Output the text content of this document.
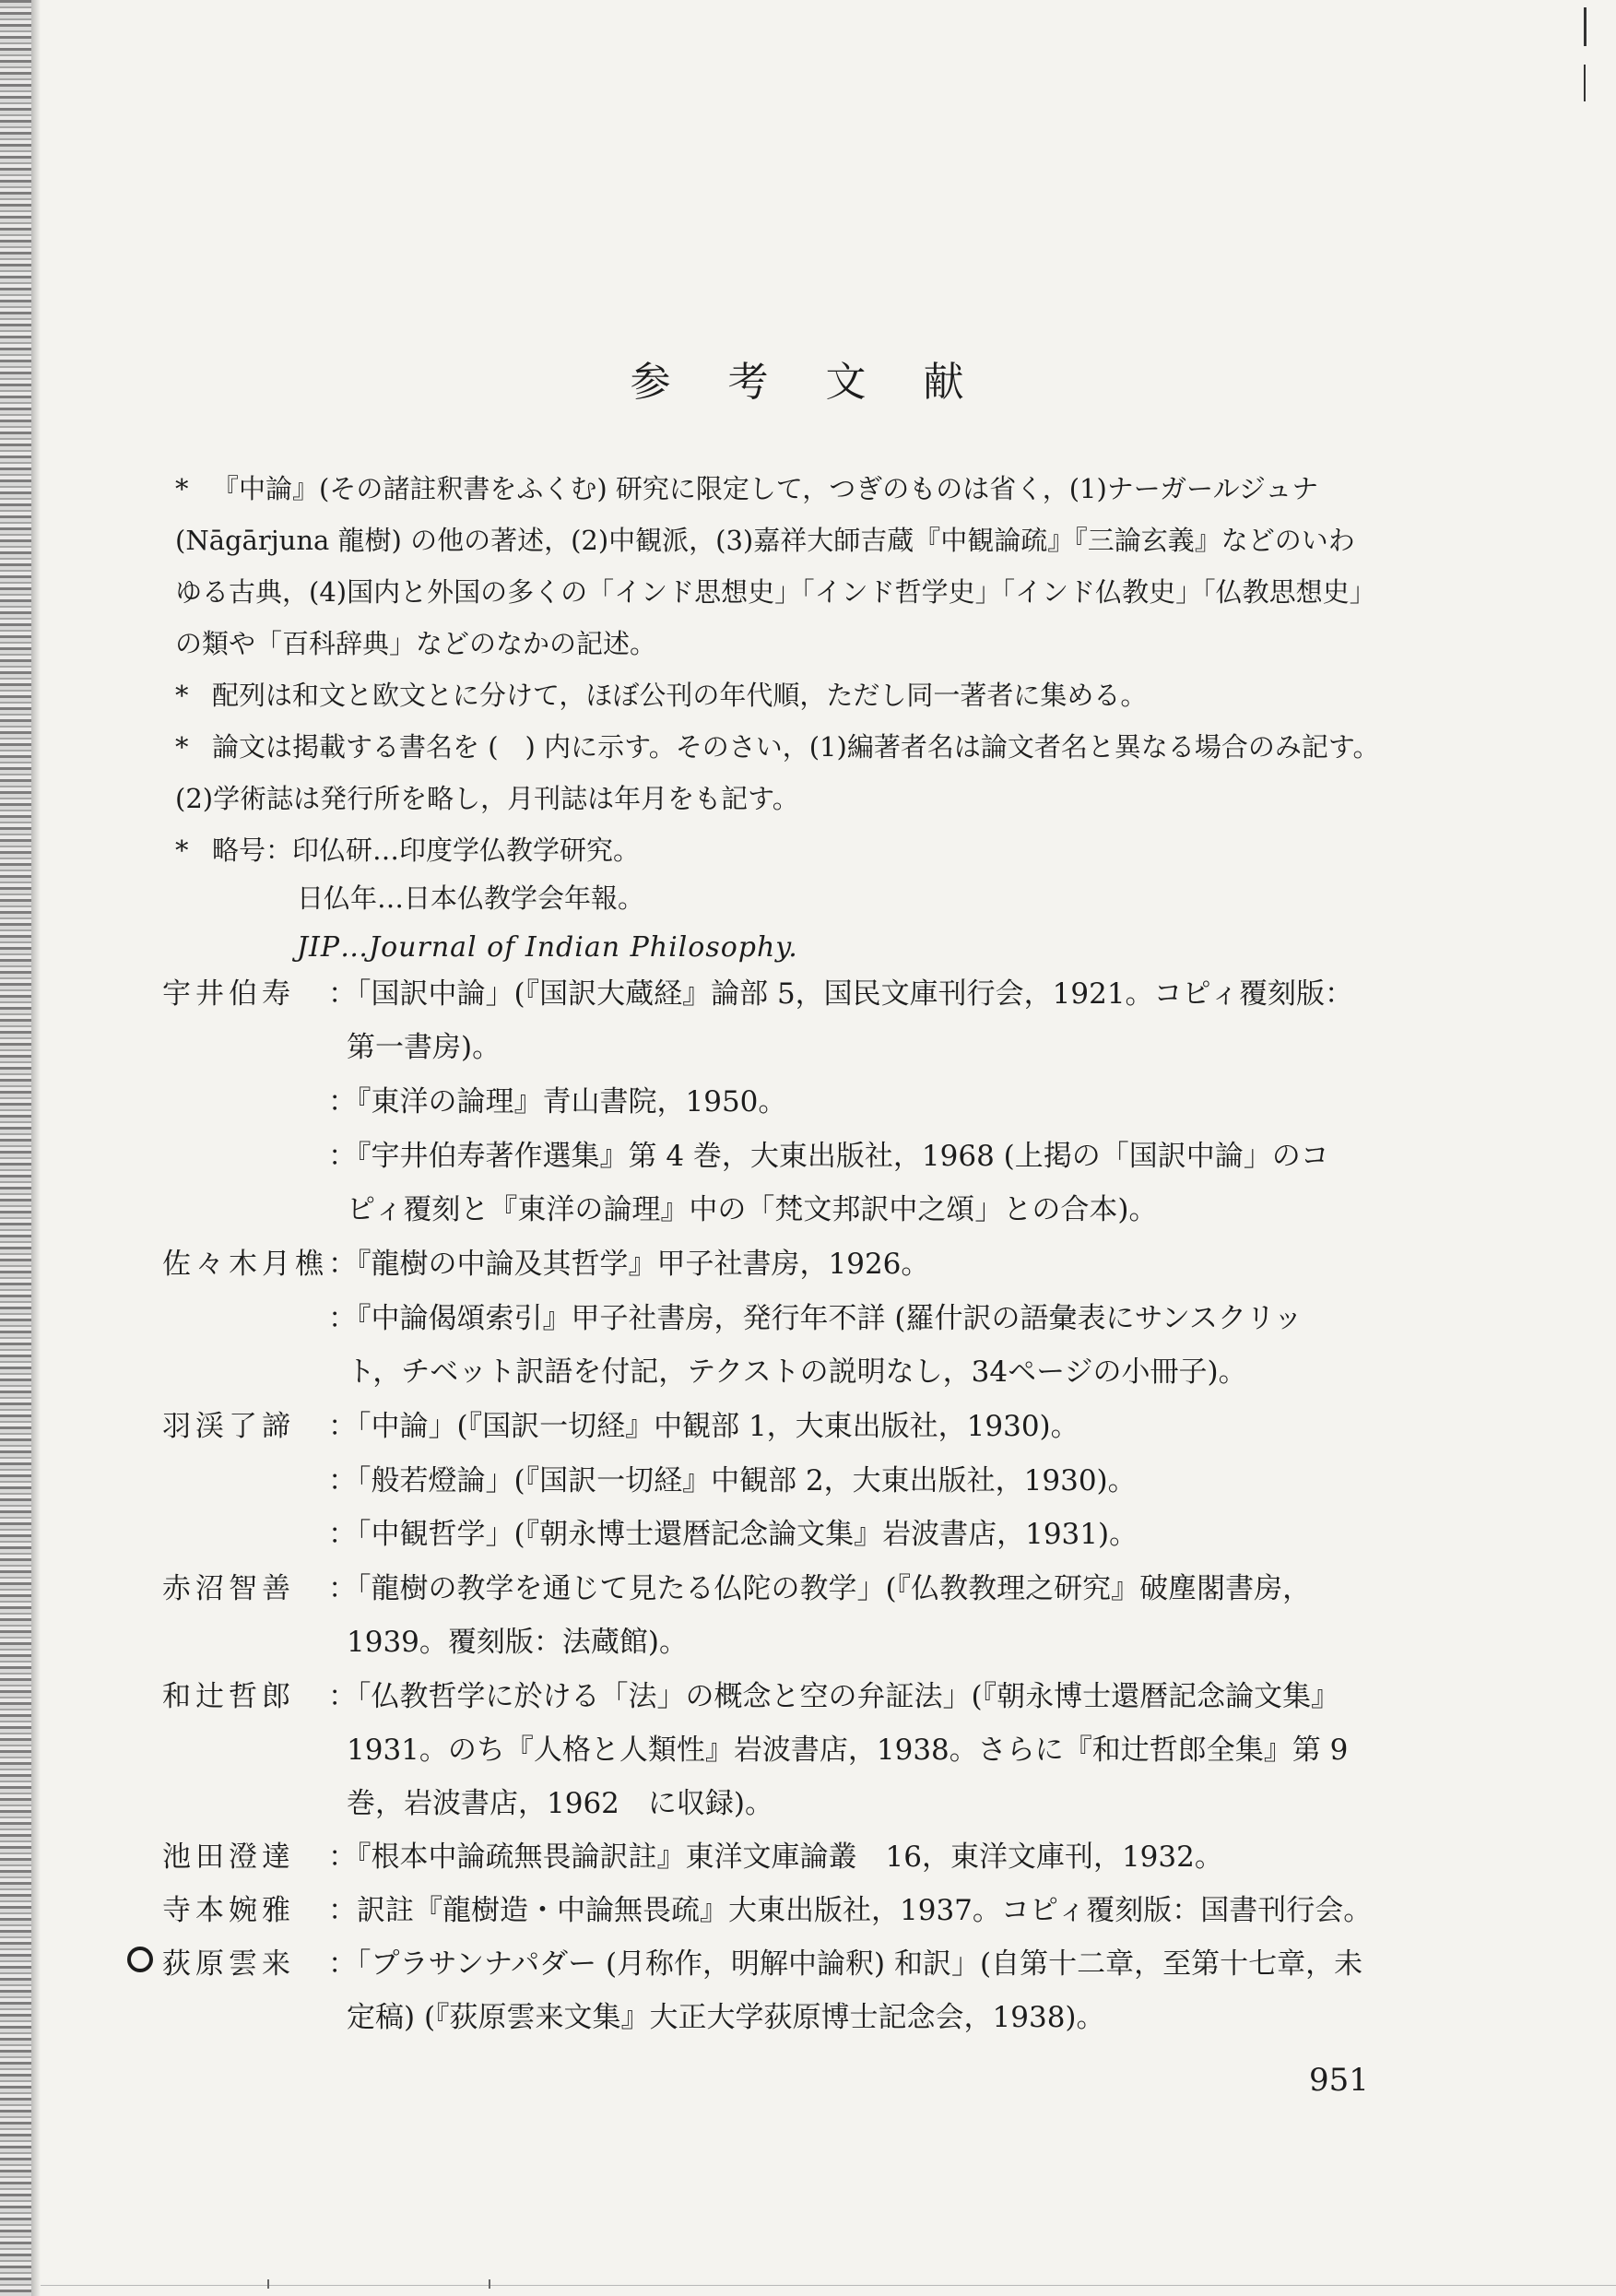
参 考 文 献
* 『中論』(その諸註釈書をふくむ) 研究に限定して，つぎのものは省く，(1)ナーガールジュナ
(Nāgārjuna 龍樹) の他の著述，(2)中観派，(3)嘉祥大師吉蔵『中観論疏』『三論玄義』などのいわ
ゆる古典，(4)国内と外国の多くの「インド思想史」「インド哲学史」「インド仏教史」「仏教思想史」
の類や「百科辞典」などのなかの記述。
* 配列は和文と欧文とに分けて，ほぼ公刊の年代順，ただし同一著者に集める。
* 論文は掲載する書名を (　) 内に示す。そのさい，(1)編著者名は論文者名と異なる場合のみ記す。
(2)学術誌は発行所を略し，月刊誌は年月をも記す。
* 略号：印仏研…印度学仏教学研究。
日仏年…日本仏教学会年報。
JIP…Journal of Indian Philosophy.
宇井伯寿	：「国訳中論」(『国訳大蔵経』論部 5，国民文庫刊行会，1921。コピィ覆刻版：
第一書房)。
：『東洋の論理』青山書院，1950。
：『宇井伯寿著作選集』第 4 巻，大東出版社，1968 (上掲の「国訳中論」のコ
ピィ覆刻と『東洋の論理』中の「梵文邦訳中之頌」との合本)。
佐々木月樵 ：『龍樹の中論及其哲学』甲子社書房，1926。
：『中論偈頌索引』甲子社書房，発行年不詳 (羅什訳の語彙表にサンスクリッ
ト，チベット訳語を付記，テクストの説明なし，34ページの小冊子)。
羽渓了諦	：「中論」(『国訳一切経』中観部 1，大東出版社，1930)。
：「般若燈論」(『国訳一切経』中観部 2，大東出版社，1930)。
：「中観哲学」(『朝永博士還暦記念論文集』岩波書店，1931)。
赤沼智善	：「龍樹の教学を通じて見たる仏陀の教学」(『仏教教理之研究』破塵閣書房，
1939。覆刻版：法蔵館)。
和辻哲郎	：「仏教哲学に於ける「法」の概念と空の弁証法」(『朝永博士還暦記念論文集』
1931。のち『人格と人類性』岩波書店，1938。さらに『和辻哲郎全集』第 9
巻，岩波書店，1962　に収録)。
池田澄達	：『根本中論疏無畏論訳註』東洋文庫論叢　16，東洋文庫刊，1932。
寺本婉雅	：訳註『龍樹造・中論無畏疏』大東出版社，1937。コピィ覆刻版：国書刊行会。
荻原雲来	：「プラサンナパダー (月称作，明解中論釈) 和訳」(自第十二章，至第十七章，未
定稿) (『荻原雲来文集』大正大学荻原博士記念会，1938)。
951
